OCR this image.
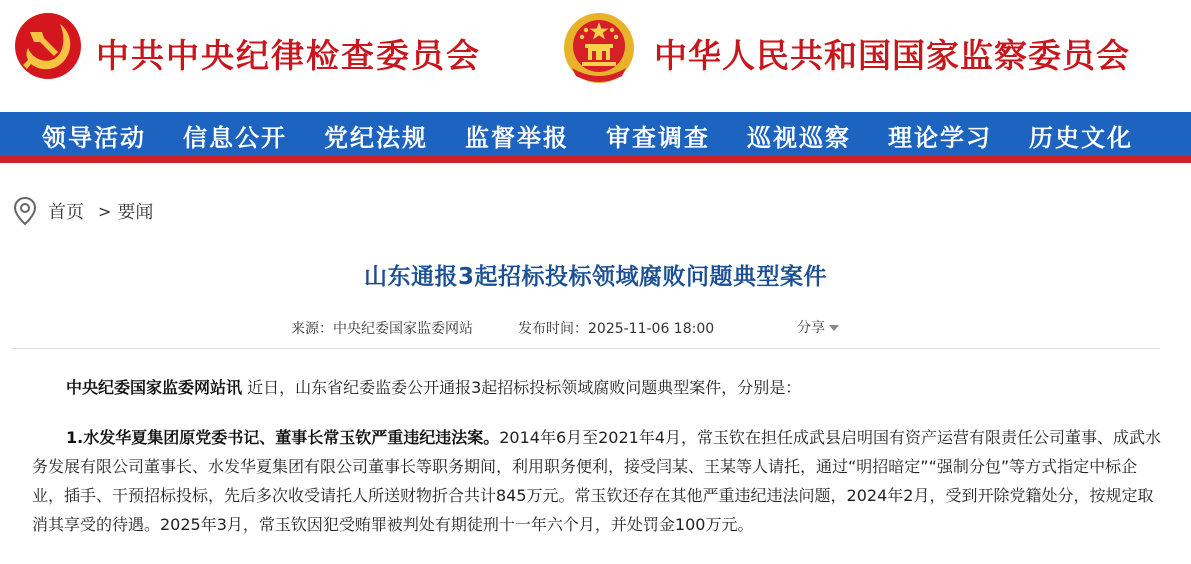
中共中央纪律检查委员会	中华人民共和国国家监察委员会
领导活动 信息公开 党纪法规 监督举报 审查调查 巡视巡察 理论学习 历史文化
首页 > 要闻
山东通报3起招标投标领域腐败问题典型案件
来源：中央纪委国家监委网站	发布时间：2025-11-06 18:00	分享
中央纪委国家监委网站讯 近日，山东省纪委监委公开通报3起招标投标领域腐败问题典型案件，分别是：
1.水发华夏集团原党委书记、董事长常玉钦严重违纪违法案。2014年6月至2021年4月，常玉钦在担任成武县启明国有资产运营有限责任公司董事、成武水务发展有限公司董事长、水发华夏集团有限公司董事长等职务期间，利用职务便利，接受闫某、王某等人请托，通过“明招暗定”“强制分包”等方式指定中标企业，插手、干预招标投标，先后多次收受请托人所送财物折合共计845万元。常玉钦还存在其他严重违纪违法问题，2024年2月，受到开除党籍处分，按规定取消其享受的待遇。2025年3月，常玉钦因犯受贿罪被判处有期徒刑十一年六个月，并处罚金100万元。
